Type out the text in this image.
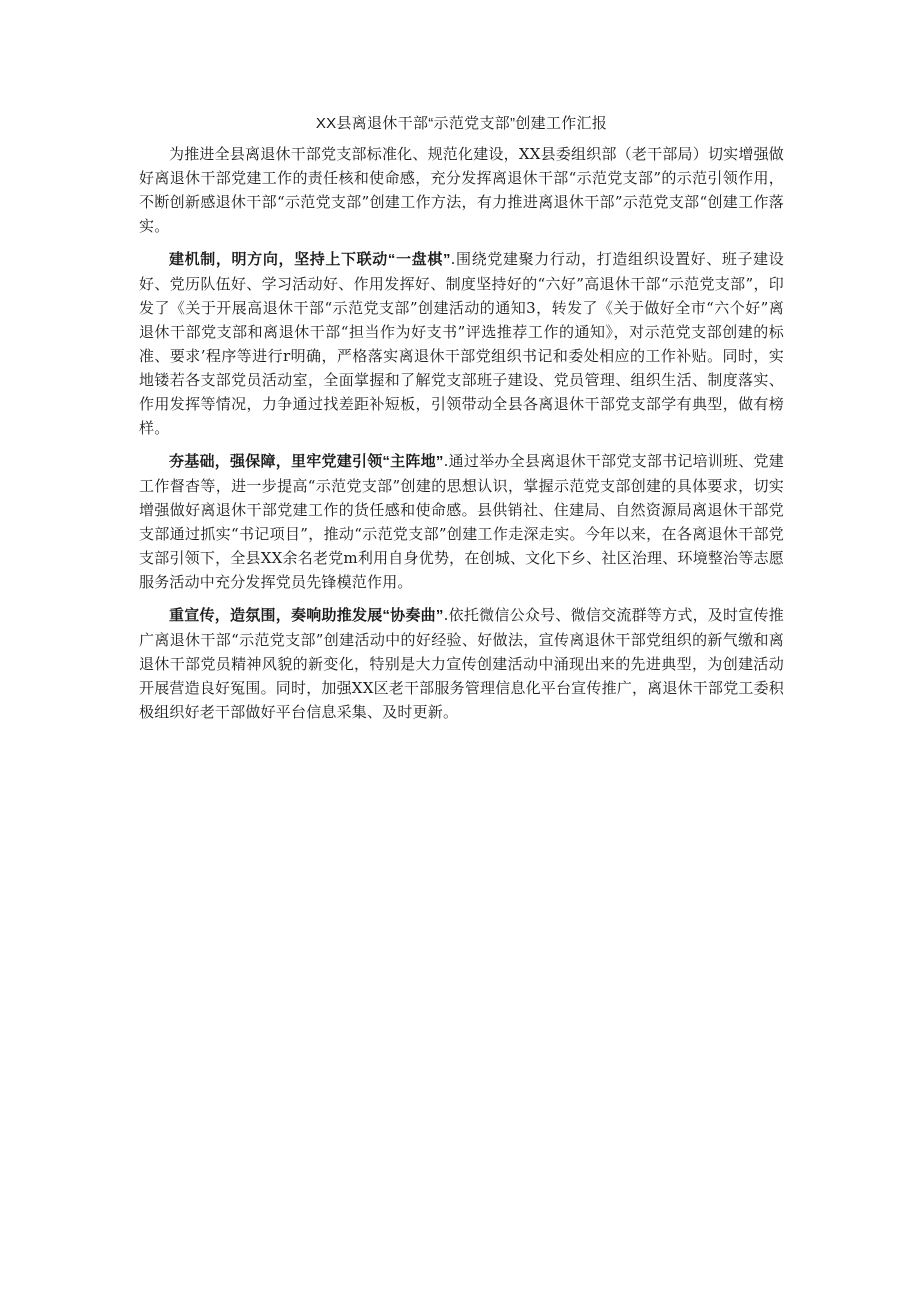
XX县离退休干部“示范党支部”创建工作汇报

为推进全县离退休干部党支部标准化、规范化建设，XX县委组织部（老干部局）切实增强做好离退休干部党建工作的责任核和使命感，充分发挥离退休干部“示范党支部”的示范引领作用，不断创新感退休干部“示范党支部”创建工作方法，有力推进离退休干部”示范党支部“创建工作落实。

建机制，明方向，坚持上下联动“一盘棋”.围绕党建聚力行动，打造组织设置好、班子建设好、党历队伍好、学习活动好、作用发挥好、制度坚持好的“六好”高退休干部“示范党支部”，印发了《关于开展高退休干部“示范党支部”创建活动的通知3，转发了《关于做好全市“六个好”离退休干部党支部和离退休干部“担当作为好支书”评选推荐工作的通知》，对示范党支部创建的标准、要求’程序等进行r明确，严格落实离退休干部党组织书记和委处相应的工作补贴。同时，实地镂若各支部党员活动室，全面掌握和了解党支部班子建设、党员管理、组织生活、制度落实、作用发挥等情况，力争通过找差距补短板，引领带动全县各离退休干部党支部学有典型，做有榜样。

夯基础，强保障，里牢党建引领“主阵地”.通过举办全县离退休干部党支部书记培训班、党建工作督杳等，进一步提高“示范党支部”创建的思想认识，掌握示范党支部创建的具体要求，切实增强做好离退休干部党建工作的货任感和使命感。县供销社、住建局、自然资源局离退休干部党支部通过抓实“书记项目”，推动“示范党支部”创建工作走深走实。今年以来，在各离退休干部党支部引领下，全县XX余名老党m利用自身优势，在创城、文化下乡、社区治理、环境整治等志愿服务活动中充分发挥党员先锋模范作用。

重宣传，造氛围，奏响助推发展“协奏曲”.依托微信公众号、微信交流群等方式，及时宣传推广离退休干部“示范党支部”创建活动中的好经验、好做法，宣传离退休干部党组织的新气缴和离退休干部党员精神风貌的新变化，特别是大力宣传创建活动中涌现出来的先进典型，为创建活动开展营造良好冤围。同时，加强XX区老干部服务管理信息化平台宣传推广，离退休干部党工委积极组织好老干部做好平台信息采集、及时更新。
